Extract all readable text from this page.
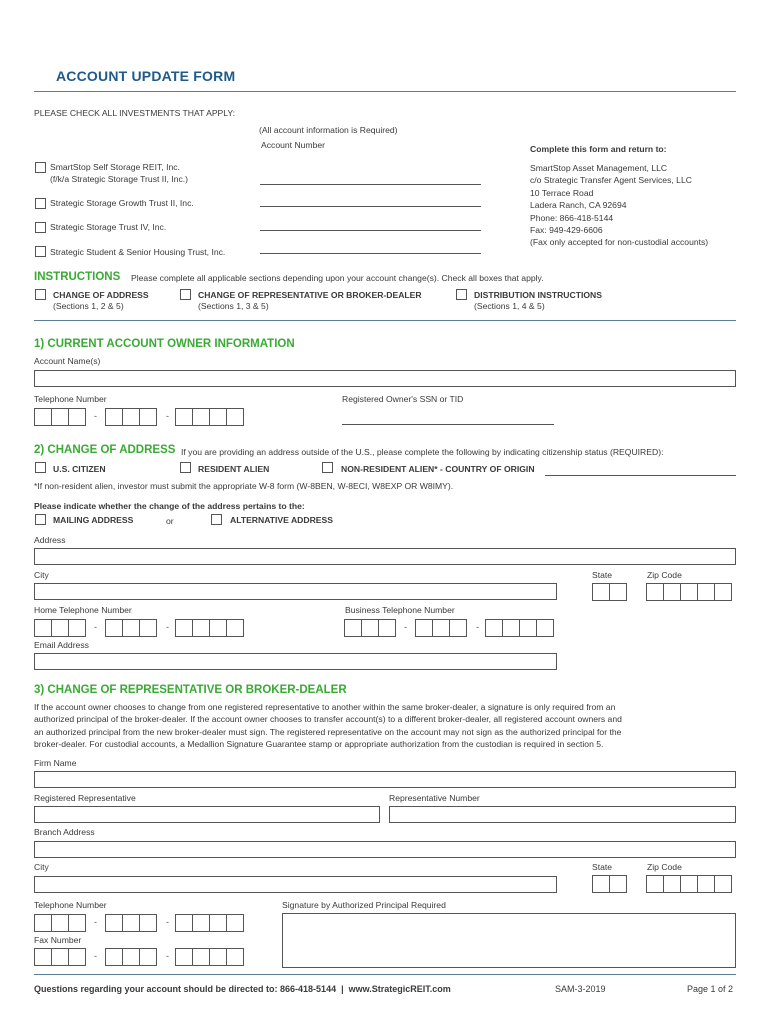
ACCOUNT UPDATE FORM
PLEASE CHECK ALL INVESTMENTS THAT APPLY:
(All account information is Required)
Account Number
SmartStop Self Storage REIT, Inc.
(f/k/a Strategic Storage Trust II, Inc.)
Strategic Storage Growth Trust II, Inc.
Strategic Storage Trust IV, Inc.
Strategic Student & Senior Housing Trust, Inc.
Complete this form and return to:
SmartStop Asset Management, LLC
c/o Strategic Transfer Agent Services, LLC
10 Terrace Road
Ladera Ranch, CA 92694
Phone: 866-418-5144
Fax: 949-429-6606
(Fax only accepted for non-custodial accounts)
INSTRUCTIONS Please complete all applicable sections depending upon your account change(s). Check all boxes that apply.
CHANGE OF ADDRESS
(Sections 1, 2 & 5)
CHANGE OF REPRESENTATIVE OR BROKER-DEALER
(Sections 1, 3 & 5)
DISTRIBUTION INSTRUCTIONS
(Sections 1, 4 & 5)
1) CURRENT ACCOUNT OWNER INFORMATION
Account Name(s)
Telephone Number	Registered Owner's SSN or TID
-	-
2) CHANGE OF ADDRESS If you are providing an address outside of the U.S., please complete the following by indicating citizenship status (REQUIRED):
U.S. CITIZEN	RESIDENT ALIEN	NON-RESIDENT ALIEN* - COUNTRY OF ORIGIN
*If non-resident alien, investor must submit the appropriate W-8 form (W-8BEN, W-8ECI, W8EXP OR W8IMY).
Please indicate whether the change of the address pertains to the:
MAILING ADDRESS	or	ALTERNATIVE ADDRESS
Address
City	State	Zip Code
Home Telephone Number	Business Telephone Number
-	-	-	-
Email Address
3) CHANGE OF REPRESENTATIVE OR BROKER-DEALER
If the account owner chooses to change from one registered representative to another within the same broker-dealer, a signature is only required from an
authorized principal of the broker-dealer. If the account owner chooses to transfer account(s) to a different broker-dealer, all registered account owners and
an authorized principal from the new broker-dealer must sign. The registered representative on the account may not sign as the authorized principal for the
broker-dealer. For custodial accounts, a Medallion Signature Guarantee stamp or appropriate authorization from the custodian is required in section 5.
Firm Name
Registered Representative	Representative Number
Branch Address
City	State	Zip Code
Telephone Number	Signature by Authorized Principal Required
-	-
Fax Number
-	-
Questions regarding your account should be directed to: 866-418-5144  |  www.StrategicREIT.com	SAM-3-2019	Page 1 of 2
